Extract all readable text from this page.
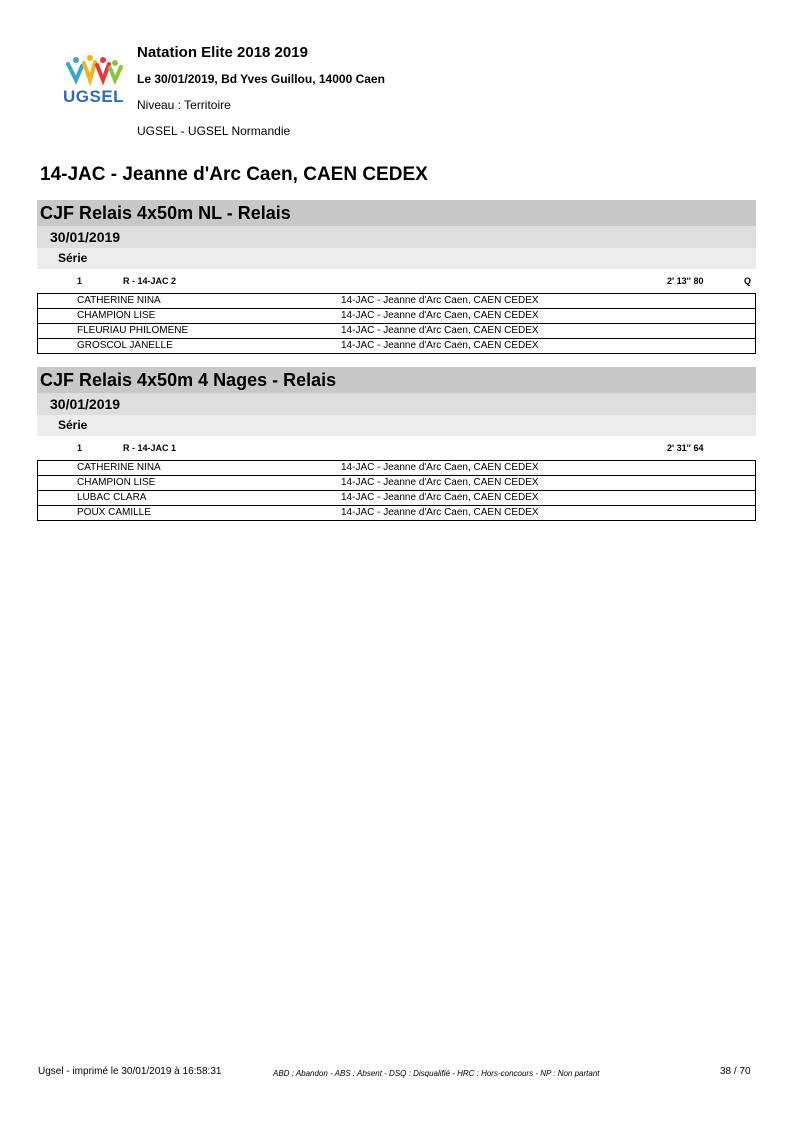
UGSEL
Natation Elite 2018 2019
Le 30/01/2019, Bd Yves Guillou, 14000 Caen
Niveau : Territoire
UGSEL - UGSEL Normandie
14-JAC - Jeanne d'Arc Caen, CAEN CEDEX
CJF Relais 4x50m NL - Relais
30/01/2019
Série
1	R - 14-JAC 2	2' 13'' 80	Q
CATHERINE NINA	14-JAC - Jeanne d'Arc Caen, CAEN CEDEX
CHAMPION LISE	14-JAC - Jeanne d'Arc Caen, CAEN CEDEX
FLEURIAU PHILOMENE	14-JAC - Jeanne d'Arc Caen, CAEN CEDEX
GROSCOL JANELLE	14-JAC - Jeanne d'Arc Caen, CAEN CEDEX
CJF Relais 4x50m 4 Nages - Relais
30/01/2019
Série
1	R - 14-JAC 1	2' 31'' 64
CATHERINE NINA	14-JAC - Jeanne d'Arc Caen, CAEN CEDEX
CHAMPION LISE	14-JAC - Jeanne d'Arc Caen, CAEN CEDEX
LUBAC CLARA	14-JAC - Jeanne d'Arc Caen, CAEN CEDEX
POUX CAMILLE	14-JAC - Jeanne d'Arc Caen, CAEN CEDEX
Ugsel - imprimé le 30/01/2019 à 16:58:31	ABD : Abandon - ABS : Absent - DSQ : Disqualifié - HRC : Hors-concours - NP : Non partant	38 / 70
